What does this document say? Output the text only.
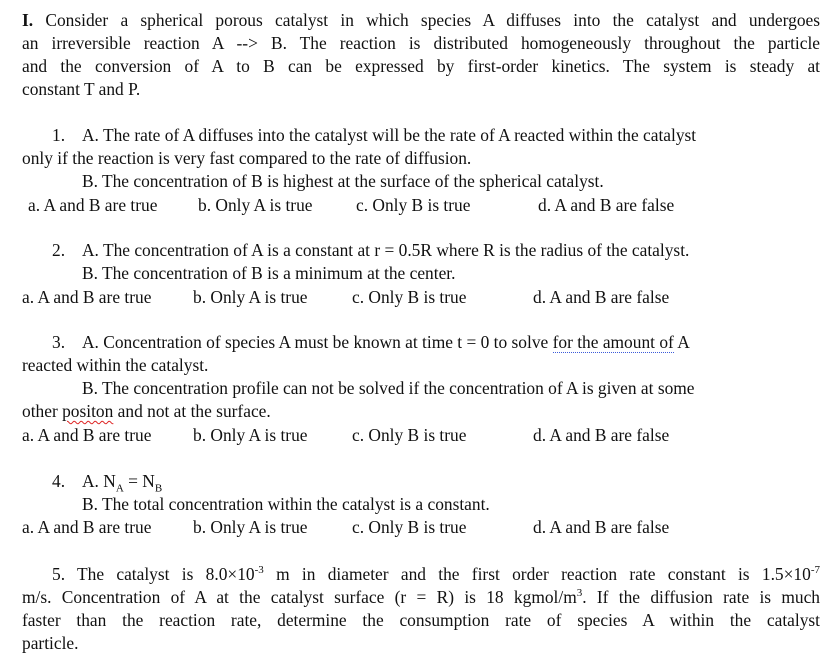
I. Consider a spherical porous catalyst in which species A diffuses into the catalyst and undergoes
an irreversible reaction A --> B. The reaction is distributed homogeneously throughout the particle
and the conversion of A to B can be expressed by first-order kinetics. The system is steady at
constant T and P.
1. A. The rate of A diffuses into the catalyst will be the rate of A reacted within the catalyst
only if the reaction is very fast compared to the rate of diffusion.
B. The concentration of B is highest at the surface of the spherical catalyst.
a. A and B are true b. Only A is true	c. Only B is true	d. A and B are false
2. A. The concentration of A is a constant at r = 0.5R where R is the radius of the catalyst.
B. The concentration of B is a minimum at the center.
a. A and B are true b. Only A is true	c. Only B is true	d. A and B are false
3. A. Concentration of species A must be known at time t = 0 to solve for the amount of A
reacted within the catalyst.
B. The concentration profile can not be solved if the concentration of A is given at some
other positon and not at the surface.
a. A and B are true b. Only A is true	c. Only B is true	d. A and B are false
4. A. $N_A = N_B$
B. The total concentration within the catalyst is a constant.
a. A and B are true b. Only A is true	c. Only B is true	d. A and B are false
5. The catalyst is $8.0\times 10^{-3}$ m in diameter and the first order reaction rate constant is $1.5\times 10^{-7}$
m/s. Concentration of A at the catalyst surface (r = R) is 18 kgmol/$m^3$. If the diffusion rate is much
faster than the reaction rate, determine the consumption rate of species A within the catalyst
particle.
